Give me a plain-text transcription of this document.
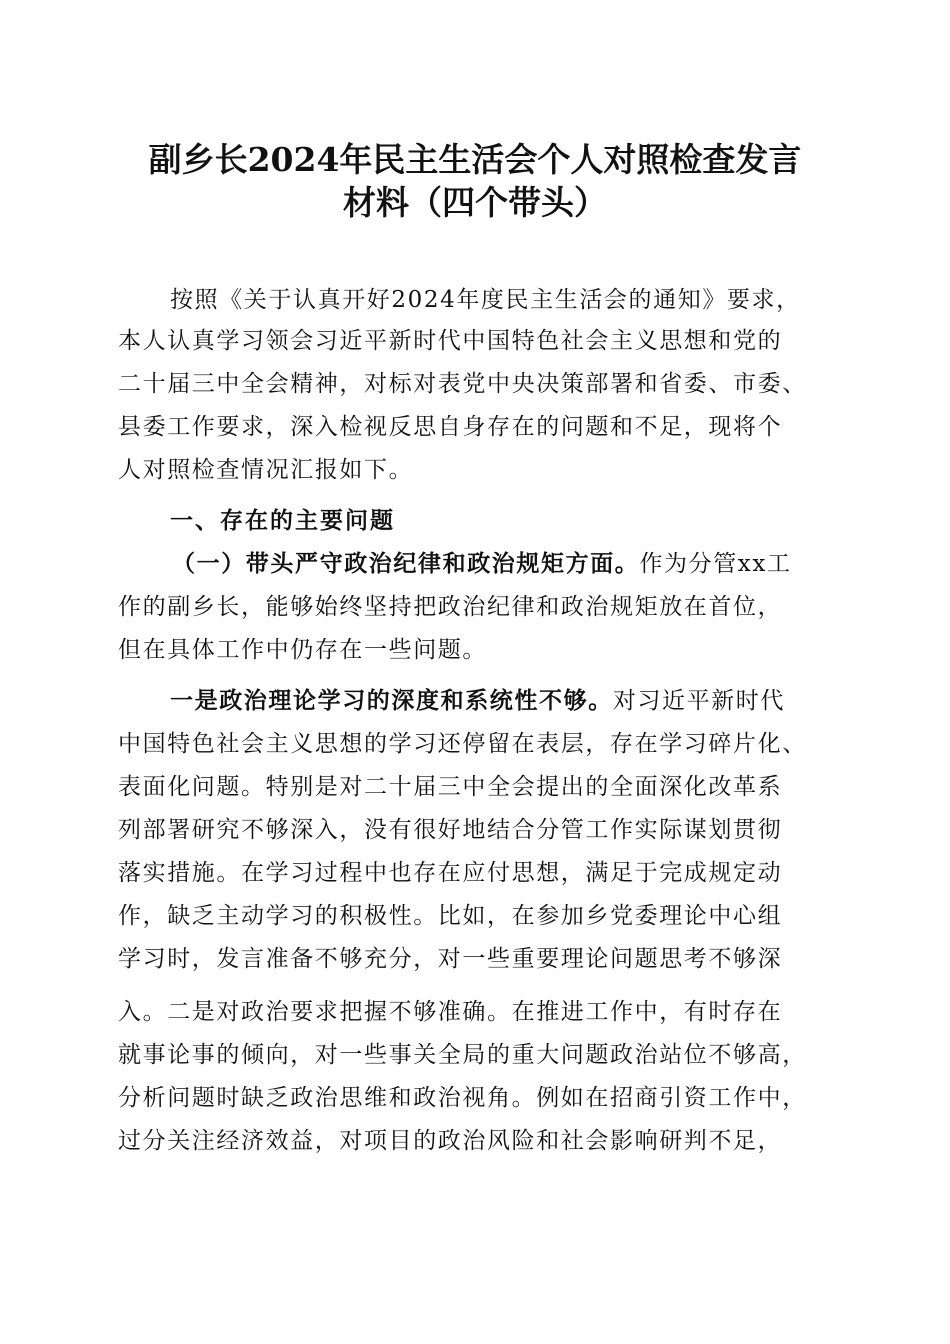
副乡长2024年民主生活会个人对照检查发言
材料（四个带头）
按照《关于认真开好2024年度民主生活会的通知》要求，
本人认真学习领会习近平新时代中国特色社会主义思想和党的
二十届三中全会精神，对标对表党中央决策部署和省委、市委、
县委工作要求，深入检视反思自身存在的问题和不足，现将个
人对照检查情况汇报如下。
一、存在的主要问题
（一）带头严守政治纪律和政治规矩方面。作为分管xx工
作的副乡长，能够始终坚持把政治纪律和政治规矩放在首位，
但在具体工作中仍存在一些问题。
一是政治理论学习的深度和系统性不够。对习近平新时代
中国特色社会主义思想的学习还停留在表层，存在学习碎片化、
表面化问题。特别是对二十届三中全会提出的全面深化改革系
列部署研究不够深入，没有很好地结合分管工作实际谋划贯彻
落实措施。在学习过程中也存在应付思想，满足于完成规定动
作，缺乏主动学习的积极性。比如，在参加乡党委理论中心组
学习时，发言准备不够充分，对一些重要理论问题思考不够深
入。二是对政治要求把握不够准确。在推进工作中，有时存在
就事论事的倾向，对一些事关全局的重大问题政治站位不够高，
分析问题时缺乏政治思维和政治视角。例如在招商引资工作中，
过分关注经济效益，对项目的政治风险和社会影响研判不足，
